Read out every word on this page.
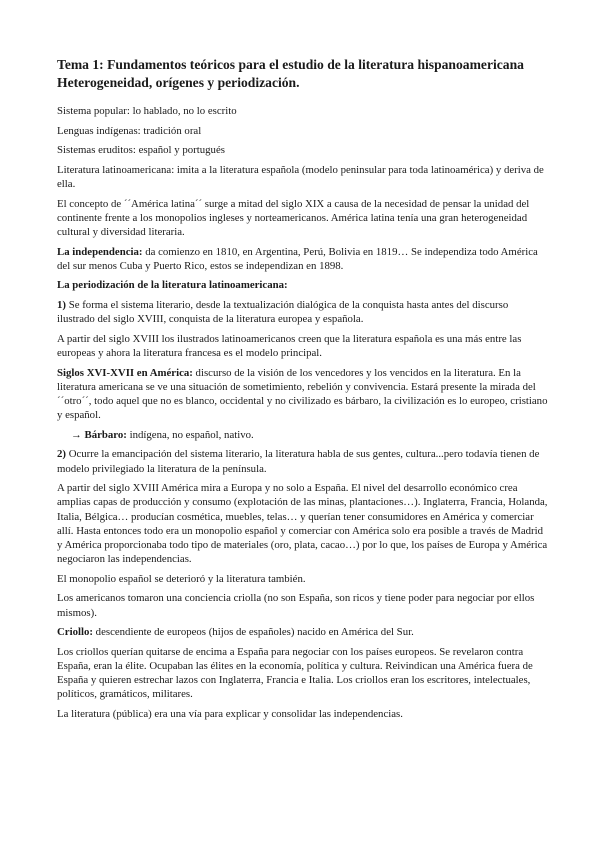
Tema 1: Fundamentos teóricos para el estudio de la literatura hispanoamericana
Heterogeneidad, orígenes y periodización.

Sistema popular: lo hablado, no lo escrito

Lenguas indígenas: tradición oral

Sistemas eruditos: español y portugués

Literatura latinoamericana: imita a la literatura española (modelo peninsular para toda latinoamérica) y deriva de ella.

El concepto de ´´América latina´´ surge a mitad del siglo XIX a causa de la necesidad de pensar la unidad del continente frente a los monopolios ingleses y norteamericanos. América latina tenía una gran heterogeneidad cultural y diversidad literaria.

La independencia: da comienzo en 1810, en Argentina, Perú, Bolivia en 1819… Se independiza todo América del sur menos Cuba y Puerto Rico, estos se independizan en 1898.

La periodización de la literatura latinoamericana:

1) Se forma el sistema literario, desde la textualización dialógica de la conquista hasta antes del discurso ilustrado del siglo XVIII, conquista de la literatura europea y española.

A partir del siglo XVIII los ilustrados latinoamericanos creen que la literatura española es una más entre las europeas y ahora la literatura francesa es el modelo principal.

Siglos XVI-XVII en América: discurso de la visión de los vencedores y los vencidos en la literatura. En la literatura americana se ve una situación de sometimiento, rebelión y convivencia. Estará presente la mirada del ´´otro´´, todo aquel que no es blanco, occidental y no civilizado es bárbaro, la civilización es lo europeo, cristiano y español.

→ Bárbaro: indígena, no español, nativo.

2) Ocurre la emancipación del sistema literario, la literatura habla de sus gentes, cultura...pero todavía tienen de modelo privilegiado la literatura de la península.

A partir del siglo XVIII América mira a Europa y no solo a España. El nivel del desarrollo económico crea amplias capas de producción y consumo (explotación de las minas, plantaciones…). Inglaterra, Francia, Holanda, Italia, Bélgica… producían cosmética, muebles, telas… y querían tener consumidores en América y comerciar allí. Hasta entonces todo era un monopolio español y comerciar con América solo era posible a través de Madrid y América proporcionaba todo tipo de materiales (oro, plata, cacao…) por lo que, los países de Europa y América negociaron las independencias.

El monopolio español se deterioró y la literatura también.

Los americanos tomaron una conciencia criolla (no son España, son ricos y tiene poder para negociar por ellos mismos).

Criollo: descendiente de europeos (hijos de españoles) nacido en América del Sur.

Los criollos querían quitarse de encima a España para negociar con los países europeos. Se revelaron contra España, eran la élite. Ocupaban las élites en la economía, política y cultura. Reivindican una América fuera de España y quieren estrechar lazos con Inglaterra, Francia e Italia. Los criollos eran los escritores, intelectuales, políticos, gramáticos, militares.

La literatura (pública) era una vía para explicar y consolidar las independencias.
